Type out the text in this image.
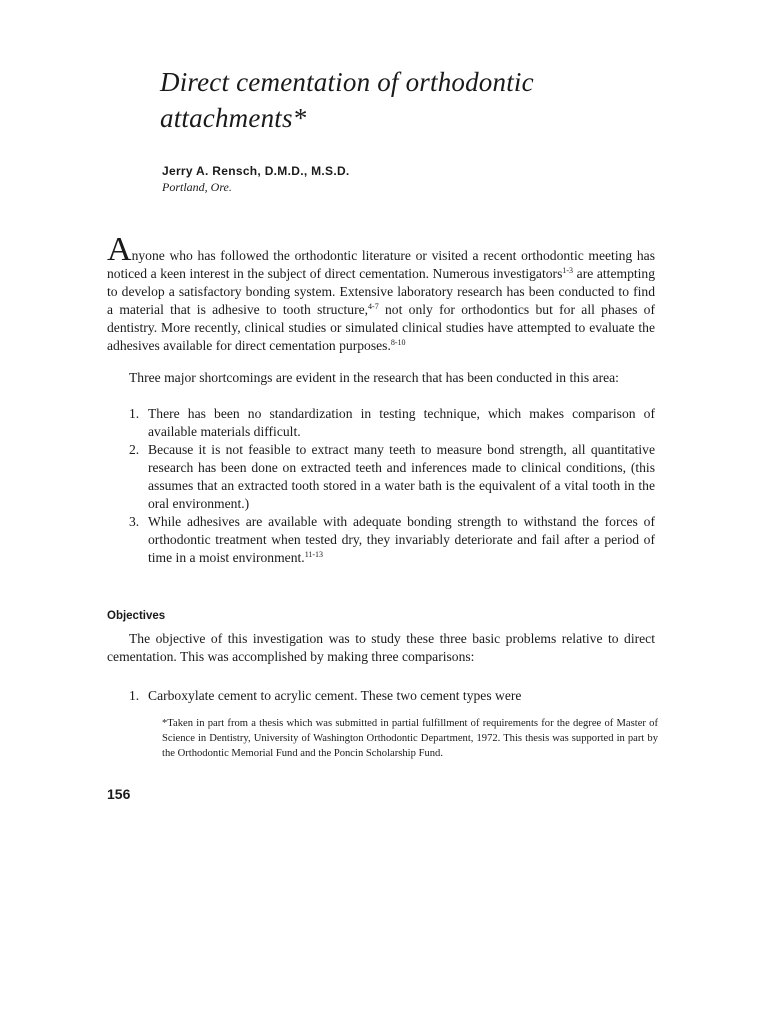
Direct cementation of orthodontic attachments*
Jerry A. Rensch, D.M.D., M.S.D.
Portland, Ore.

Anyone who has followed the orthodontic literature or visited a recent orthodontic meeting has noticed a keen interest in the subject of direct cementation. Numerous investigators$^{1-3}$ are attempting to develop a satisfactory bonding system. Extensive laboratory research has been conducted to find a material that is adhesive to tooth structure,$^{4-7}$ not only for orthodontics but for all phases of dentistry. More recently, clinical studies or simulated clinical studies have attempted to evaluate the adhesives available for direct cementation purposes.$^{8-10}$

Three major shortcomings are evident in the research that has been conducted in this area:

1. There has been no standardization in testing technique, which makes comparison of available materials difficult.
2. Because it is not feasible to extract many teeth to measure bond strength, all quantitative research has been done on extracted teeth and inferences made to clinical conditions, (this assumes that an extracted tooth stored in a water bath is the equivalent of a vital tooth in the oral environment.)
3. While adhesives are available with adequate bonding strength to withstand the forces of orthodontic treatment when tested dry, they invariably deteriorate and fail after a period of time in a moist environment.$^{11-13}$
Objectives

The objective of this investigation was to study these three basic problems relative to direct cementation. This was accomplished by making three comparisons:

1. Carboxylate cement to acrylic cement. These two cement types were

*Taken in part from a thesis which was submitted in partial fulfillment of requirements for the degree of Master of Science in Dentistry, University of Washington Orthodontic Department, 1972. This thesis was supported in part by the Orthodontic Memorial Fund and the Poncin Scholarship Fund.

156
